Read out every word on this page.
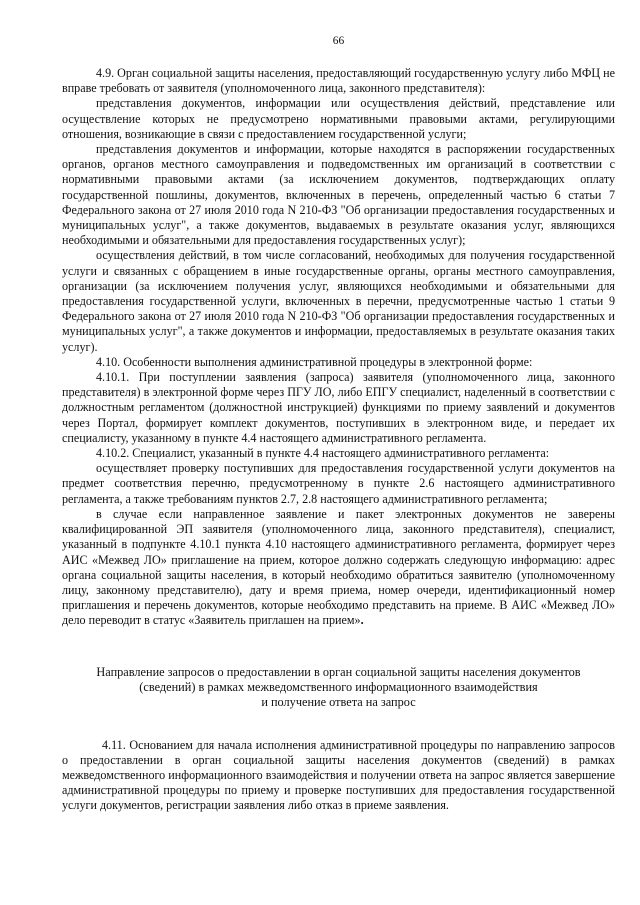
66

4.9. Орган социальной защиты населения, предоставляющий государственную услугу либо МФЦ не вправе требовать от заявителя (уполномоченного лица, законного представителя):

представления документов, информации или осуществления действий, представление или осуществление которых не предусмотрено нормативными правовыми актами, регулирующими отношения, возникающие в связи с предоставлением государственной услуги;

представления документов и информации, которые находятся в распоряжении государственных органов, органов местного самоуправления и подведомственных им организаций в соответствии с нормативными правовыми актами (за исключением документов, подтверждающих оплату государственной пошлины, документов, включенных в перечень, определенный частью 6 статьи 7 Федерального закона от 27 июля 2010 года N 210-ФЗ "Об организации предоставления государственных и муниципальных услуг", а также документов, выдаваемых в результате оказания услуг, являющихся необходимыми и обязательными для предоставления государственных услуг);

осуществления действий, в том числе согласований, необходимых для получения государственной услуги и связанных с обращением в иные государственные органы, органы местного самоуправления, организации (за исключением получения услуг, являющихся необходимыми и обязательными для предоставления государственной услуги, включенных в перечни, предусмотренные частью 1 статьи 9 Федерального закона от 27 июля 2010 года N 210-ФЗ "Об организации предоставления государственных и муниципальных услуг", а также документов и информации, предоставляемых в результате оказания таких услуг).

4.10. Особенности выполнения административной процедуры в электронной форме:

4.10.1. При поступлении заявления (запроса) заявителя (уполномоченного лица, законного представителя) в электронной форме через ПГУ ЛО, либо ЕПГУ специалист, наделенный в соответствии с должностным регламентом (должностной инструкцией) функциями по приему заявлений и документов через Портал, формирует комплект документов, поступивших в электронном виде, и передает их специалисту, указанному в пункте 4.4 настоящего административного регламента.

4.10.2. Специалист, указанный в пункте 4.4 настоящего административного регламента:

осуществляет проверку поступивших для предоставления государственной услуги документов на предмет соответствия перечню, предусмотренному в пункте 2.6 настоящего административного регламента, а также требованиям пунктов 2.7, 2.8 настоящего административного регламента;

в случае если направленное заявление и пакет электронных документов не заверены квалифицированной ЭП заявителя (уполномоченного лица, законного представителя), специалист, указанный в подпункте 4.10.1 пункта 4.10 настоящего административного регламента, формирует через АИС «Межвед ЛО» приглашение на прием, которое должно содержать следующую информацию: адрес органа социальной защиты населения, в который необходимо обратиться заявителю (уполномоченному лицу, законному представителю), дату и время приема, номер очереди, идентификационный номер приглашения и перечень документов, которые необходимо представить на приеме. В АИС «Межвед ЛО» дело переводит в статус «Заявитель приглашен на прием».

Направление запросов о предоставлении в орган социальной защиты населения документов
(сведений) в рамках межведомственного информационного взаимодействия
и получение ответа на запрос

4.11. Основанием для начала исполнения административной процедуры по направлению запросов о предоставлении в орган социальной защиты населения документов (сведений) в рамках межведомственного информационного взаимодействия и получении ответа на запрос является завершение административной процедуры по приему и проверке поступивших для предоставления государственной услуги документов, регистрации заявления либо отказ в приеме заявления.
